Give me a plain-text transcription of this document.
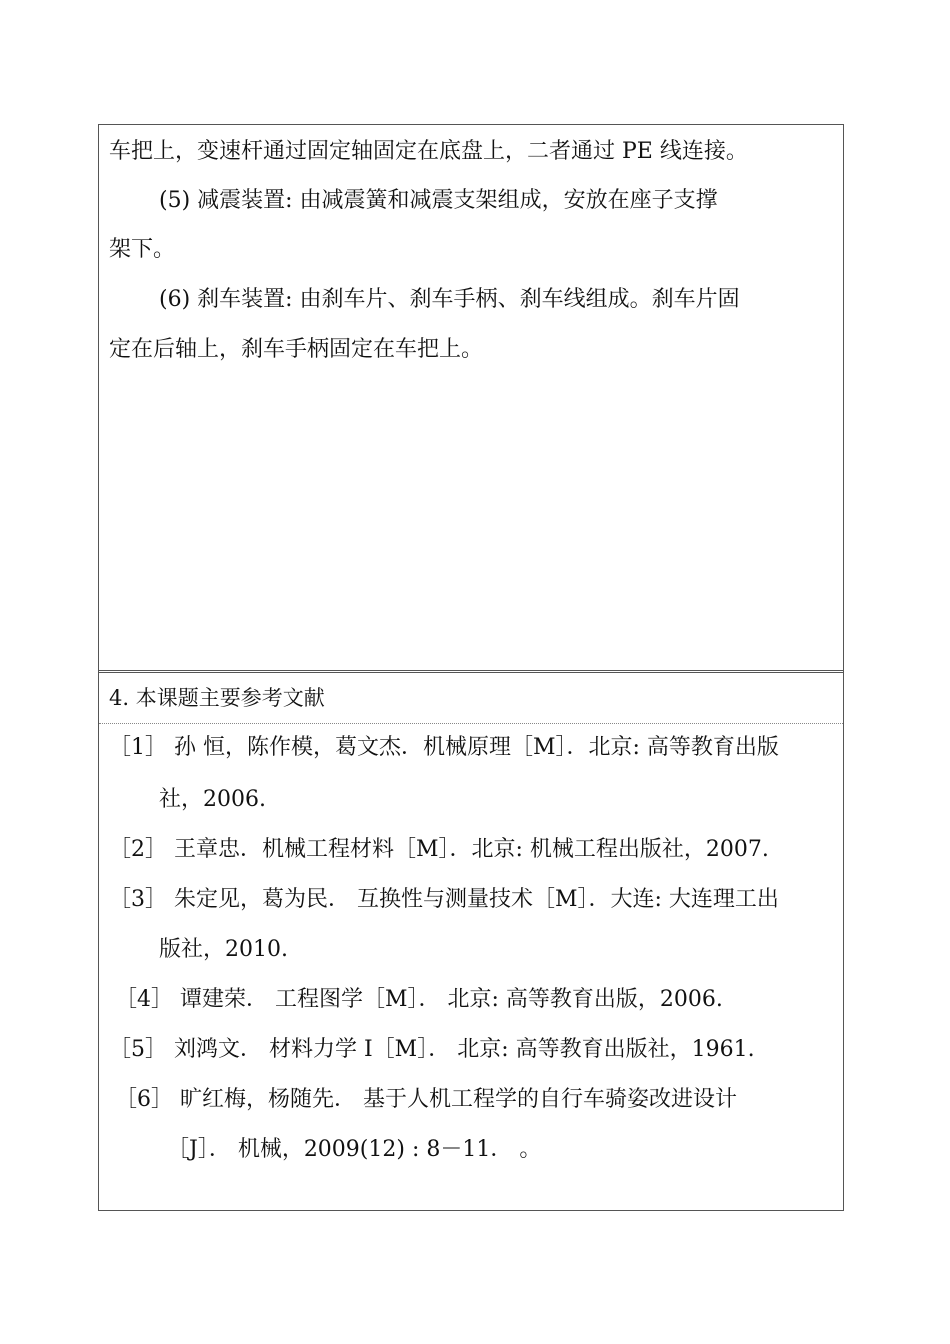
车把上，变速杆通过固定轴固定在底盘上，二者通过 PE 线连接。
(5) 减震装置: 由减震簧和减震支架组成，安放在座子支撑
架下。
(6) 刹车装置: 由刹车片、刹车手柄、刹车线组成。刹车片固
定在后轴上，刹车手柄固定在车把上。
4. 本课题主要参考文献
［1］ 孙 恒，陈作模，葛文杰．机械原理［M］．北京: 高等教育出版
社，2006.
［2］ 王章忠．机械工程材料［M］．北京: 机械工程出版社，2007.
［3］ 朱定见，葛为民． 互换性与测量技术［M］．大连: 大连理工出
版社，2010.
［4］ 谭建荣． 工程图学［M］． 北京: 高等教育出版，2006.
［5］ 刘鸿文． 材料力学 I［M］． 北京: 高等教育出版社，1961.
［6］ 旷红梅，杨随先． 基于人机工程学的自行车骑姿改进设计
［J］． 机械，2009(12) : 8－11． 。
